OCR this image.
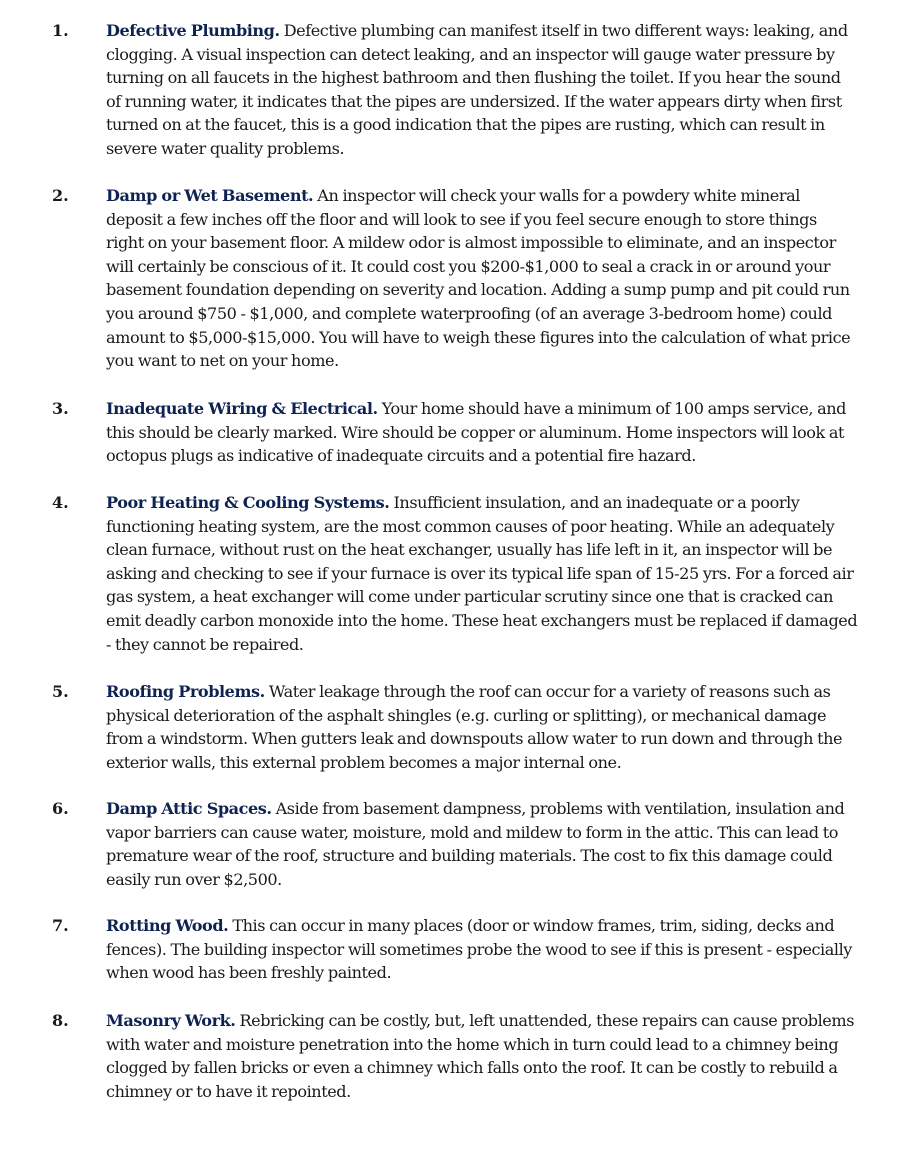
1. Defective Plumbing. Defective plumbing can manifest itself in two different ways: leaking, and clogging. A visual inspection can detect leaking, and an inspector will gauge water pressure by turning on all faucets in the highest bathroom and then flushing the toilet. If you hear the sound of running water, it indicates that the pipes are undersized. If the water appears dirty when first turned on at the faucet, this is a good indication that the pipes are rusting, which can result in severe water quality problems.
2. Damp or Wet Basement. An inspector will check your walls for a powdery white mineral deposit a few inches off the floor and will look to see if you feel secure enough to store things right on your basement floor. A mildew odor is almost impossible to eliminate, and an inspector will certainly be conscious of it. It could cost you $200-$1,000 to seal a crack in or around your basement foundation depending on severity and location. Adding a sump pump and pit could run you around $750 - $1,000, and complete waterproofing (of an average 3-bedroom home) could amount to $5,000-$15,000. You will have to weigh these figures into the calculation of what price you want to net on your home.
3. Inadequate Wiring & Electrical. Your home should have a minimum of 100 amps service, and this should be clearly marked. Wire should be copper or aluminum. Home inspectors will look at octopus plugs as indicative of inadequate circuits and a potential fire hazard.
4. Poor Heating & Cooling Systems. Insufficient insulation, and an inadequate or a poorly functioning heating system, are the most common causes of poor heating. While an adequately clean furnace, without rust on the heat exchanger, usually has life left in it, an inspector will be asking and checking to see if your furnace is over its typical life span of 15-25 yrs. For a forced air gas system, a heat exchanger will come under particular scrutiny since one that is cracked can emit deadly carbon monoxide into the home. These heat exchangers must be replaced if damaged - they cannot be repaired.
5. Roofing Problems. Water leakage through the roof can occur for a variety of reasons such as physical deterioration of the asphalt shingles (e.g. curling or splitting), or mechanical damage from a windstorm. When gutters leak and downspouts allow water to run down and through the exterior walls, this external problem becomes a major internal one.
6. Damp Attic Spaces. Aside from basement dampness, problems with ventilation, insulation and vapor barriers can cause water, moisture, mold and mildew to form in the attic. This can lead to premature wear of the roof, structure and building materials. The cost to fix this damage could easily run over $2,500.
7. Rotting Wood. This can occur in many places (door or window frames, trim, siding, decks and fences). The building inspector will sometimes probe the wood to see if this is present - especially when wood has been freshly painted.
8. Masonry Work. Rebricking can be costly, but, left unattended, these repairs can cause problems with water and moisture penetration into the home which in turn could lead to a chimney being clogged by fallen bricks or even a chimney which falls onto the roof. It can be costly to rebuild a chimney or to have it repointed.
